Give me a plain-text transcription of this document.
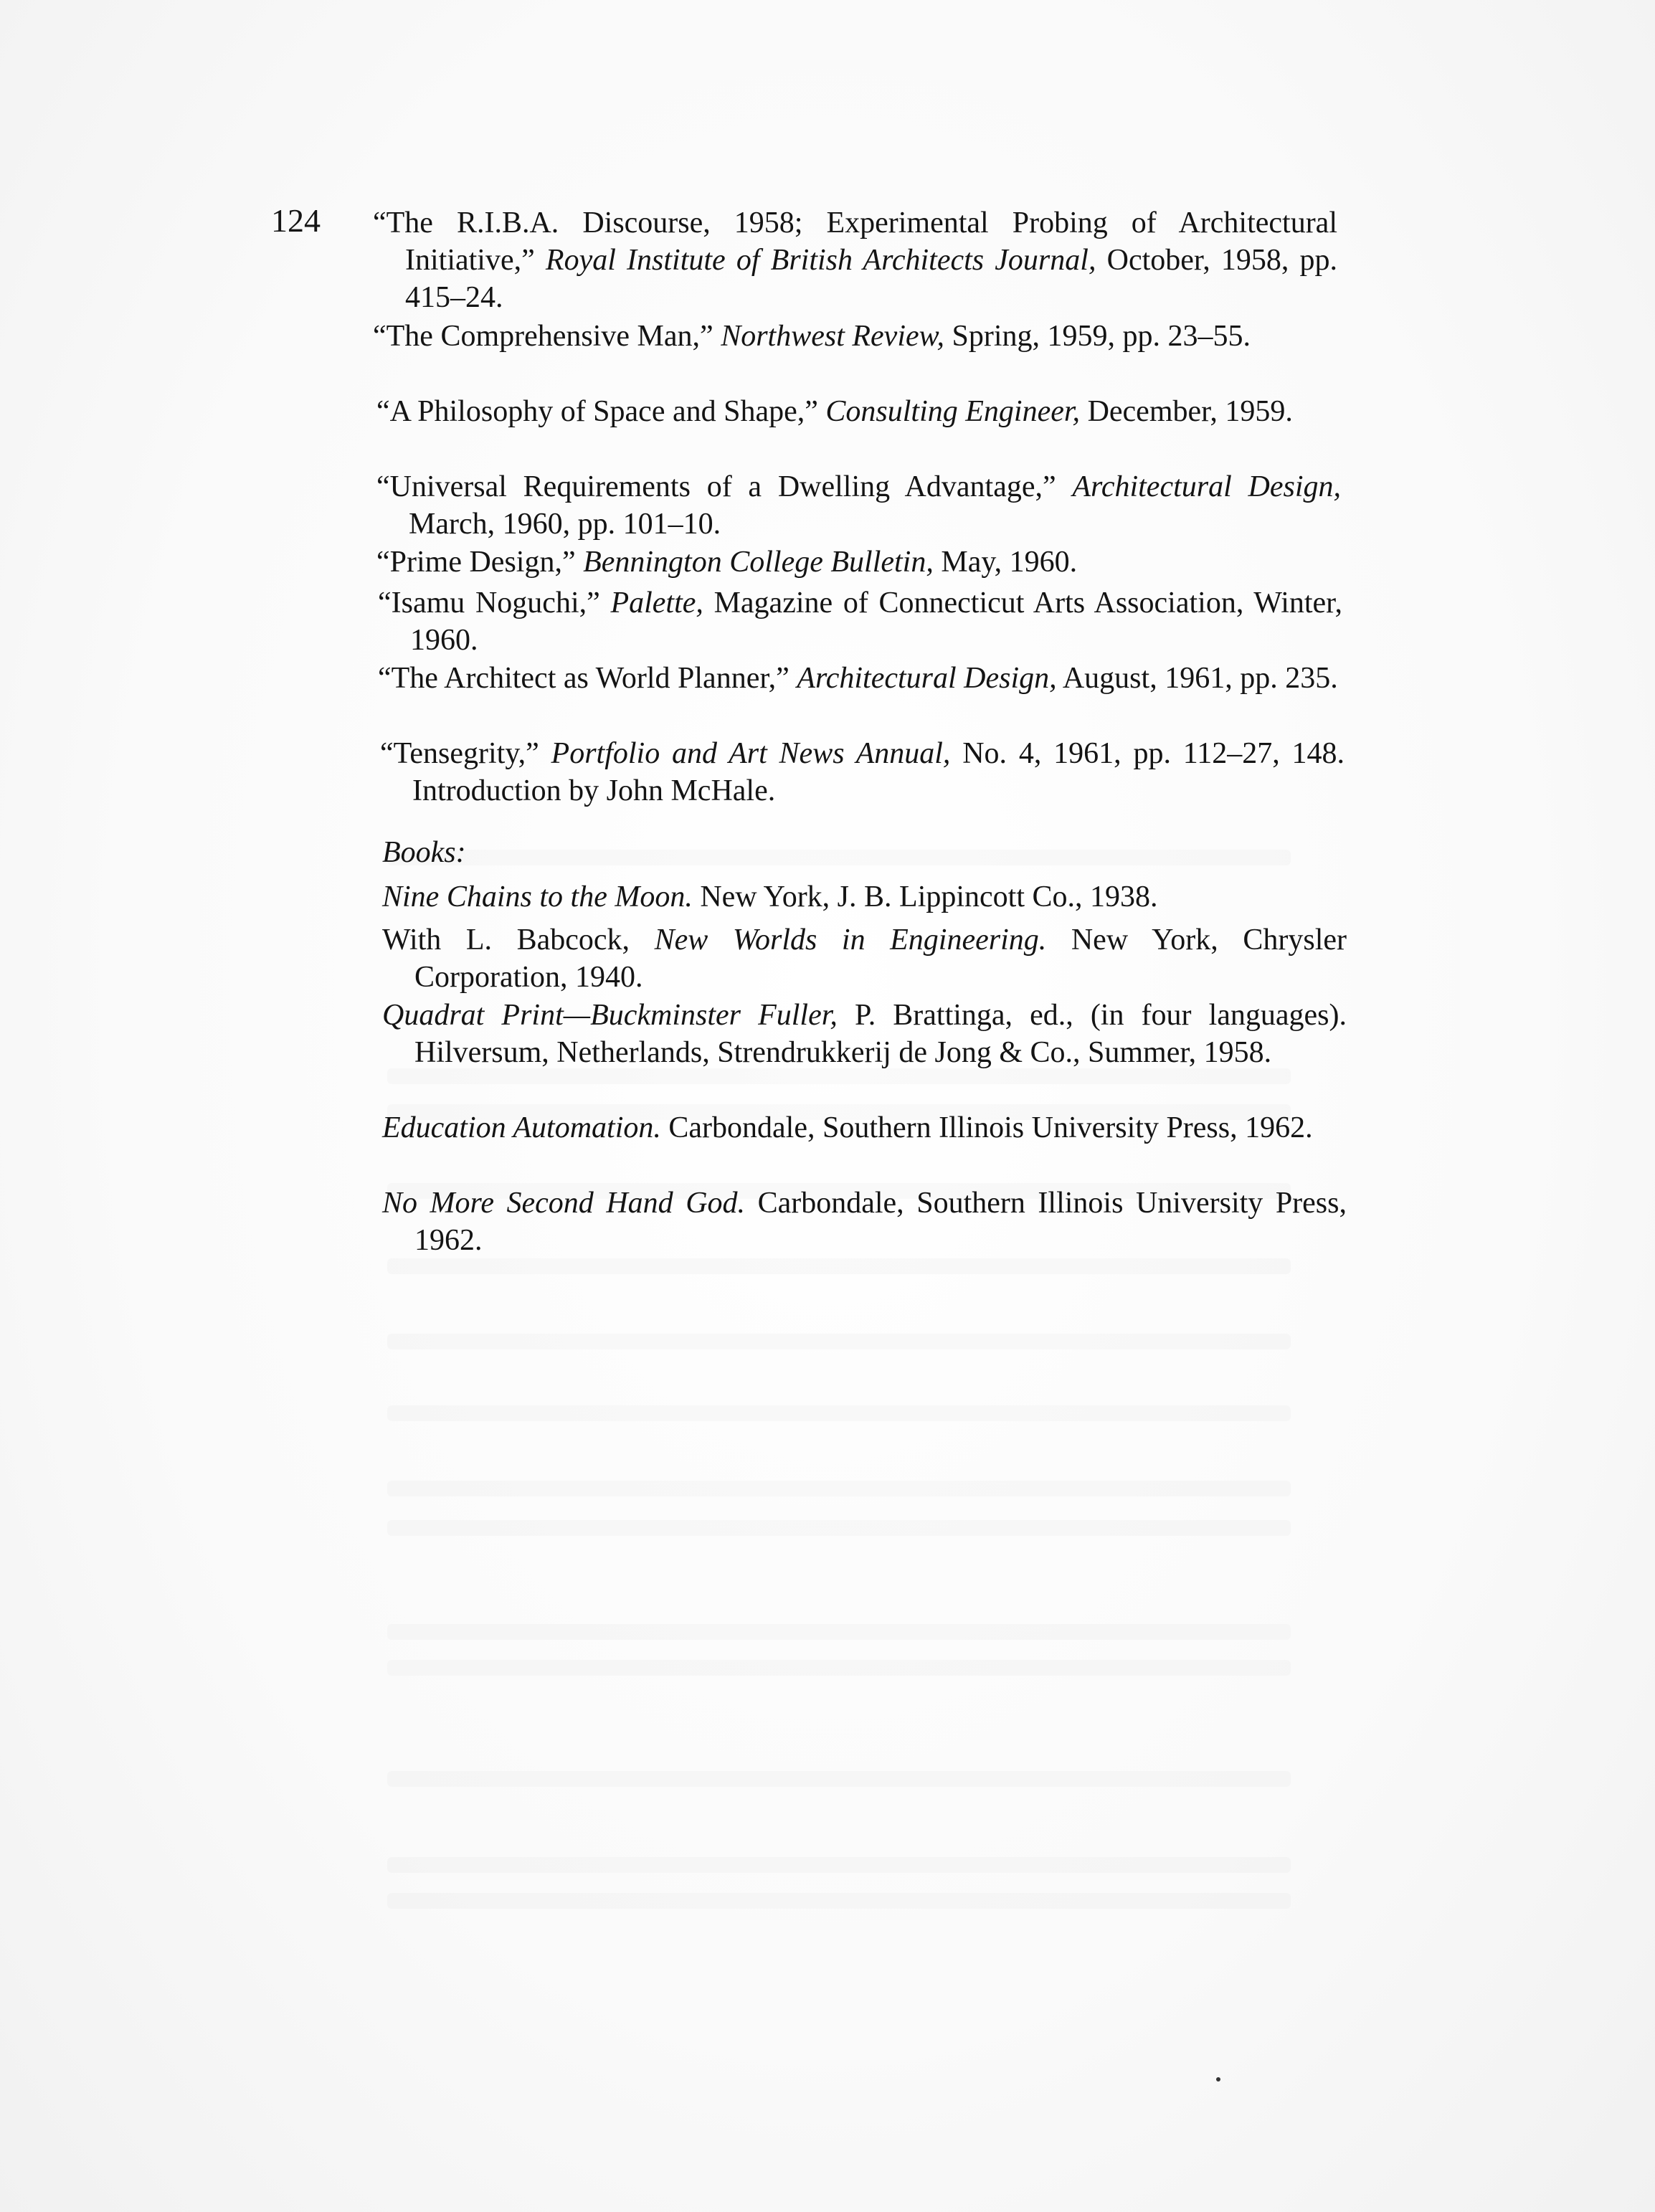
124 “The R.I.B.A. Discourse, 1958; Experimental Probing of Architectural Initiative,” Royal Institute of British Architects Journal, October, 1958, pp. 415–24.

“The Comprehensive Man,” Northwest Review, Spring, 1959, pp. 23–55.

“A Philosophy of Space and Shape,” Consulting Engineer, December, 1959.

“Universal Requirements of a Dwelling Advantage,” Architectural Design, March, 1960, pp. 101–10.

“Prime Design,” Bennington College Bulletin, May, 1960.

“Isamu Noguchi,” Palette, Magazine of Connecticut Arts Association, Winter, 1960.

“The Architect as World Planner,” Architectural Design, August, 1961, pp. 235.

“Tensegrity,” Portfolio and Art News Annual, No. 4, 1961, pp. 112–27, 148. Introduction by John McHale.

Books:

Nine Chains to the Moon. New York, J. B. Lippincott Co., 1938.

With L. Babcock, New Worlds in Engineering. New York, Chrysler Corporation, 1940.

Quadrat Print—Buckminster Fuller, P. Brattinga, ed., (in four languages). Hilversum, Netherlands, Strendrukkerij de Jong & Co., Summer, 1958.

Education Automation. Carbondale, Southern Illinois University Press, 1962.

No More Second Hand God. Carbondale, Southern Illinois University Press, 1962.
